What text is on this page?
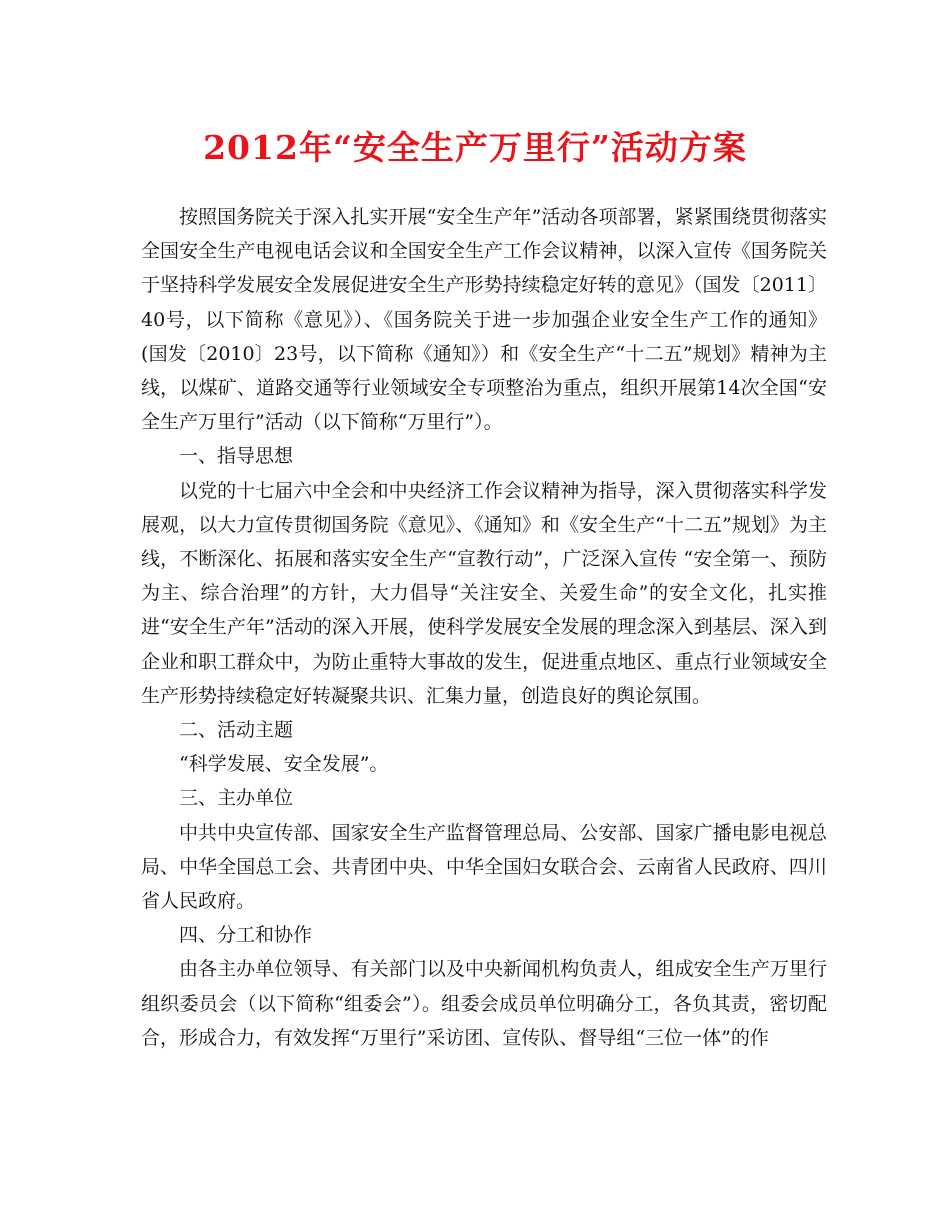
2012年“安全生产万里行”活动方案

按照国务院关于深入扎实开展“安全生产年”活动各项部署，紧紧围绕贯彻落实全国安全生产电视电话会议和全国安全生产工作会议精神，以深入宣传《国务院关于坚持科学发展安全发展促进安全生产形势持续稳定好转的意见》（国发〔2011〕40号，以下简称《意见》）、《国务院关于进一步加强企业安全生产工作的通知》(国发〔2010〕23号，以下简称《通知》）和《安全生产“十二五”规划》精神为主线，以煤矿、道路交通等行业领域安全专项整治为重点，组织开展第14次全国“安全生产万里行”活动（以下简称“万里行”）。

一、指导思想

以党的十七届六中全会和中央经济工作会议精神为指导，深入贯彻落实科学发展观，以大力宣传贯彻国务院《意见》、《通知》和《安全生产“十二五”规划》为主线，不断深化、拓展和落实安全生产“宣教行动”，广泛深入宣传 “安全第一、预防为主、综合治理”的方针，大力倡导“关注安全、关爱生命”的安全文化，扎实推进“安全生产年”活动的深入开展，使科学发展安全发展的理念深入到基层、深入到企业和职工群众中，为防止重特大事故的发生，促进重点地区、重点行业领域安全生产形势持续稳定好转凝聚共识、汇集力量，创造良好的舆论氛围。

二、活动主题

“科学发展、安全发展”。

三、主办单位

中共中央宣传部、国家安全生产监督管理总局、公安部、国家广播电影电视总局、中华全国总工会、共青团中央、中华全国妇女联合会、云南省人民政府、四川省人民政府。

四、分工和协作

由各主办单位领导、有关部门以及中央新闻机构负责人，组成安全生产万里行组织委员会（以下简称“组委会”）。组委会成员单位明确分工，各负其责，密切配合，形成合力，有效发挥“万里行”采访团、宣传队、督导组“三位一体”的作
